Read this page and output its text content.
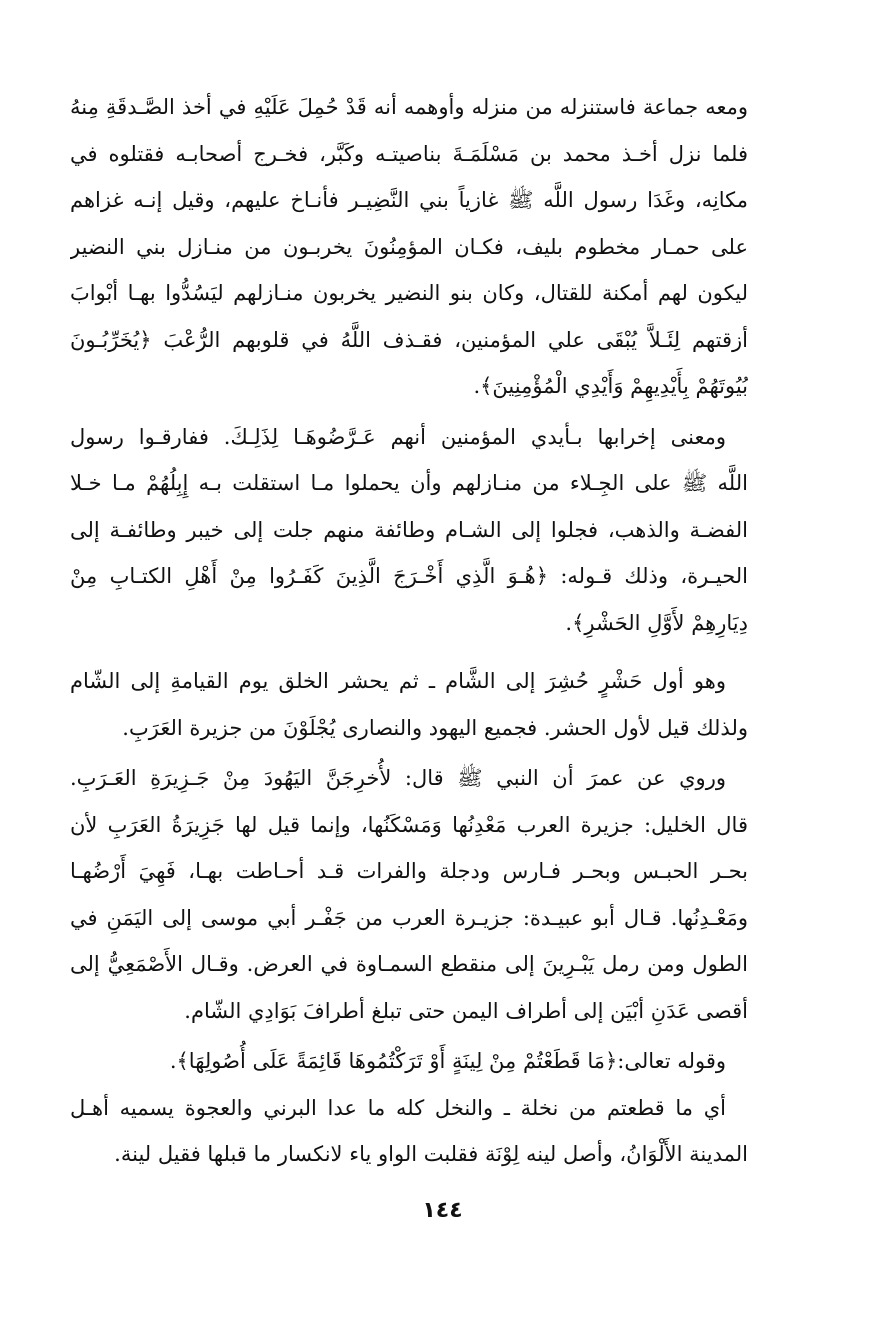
ومعه جماعة فاستنزله من منزله وأوهمه أنه قَدْ حُمِلَ عَلَيْهِ في أخذ الصَّـدقَةِ مِنهُ
فلما نزل أخـذ محمد بن مَسْلَمَـةَ بناصيتـه وكَبَّر، فخـرج أصحابـه فقتلوه في
مكانِه، وغَدَا رسول اللَّه ﷺ غازياً بني النَّضِيـر فأنـاخ عليهم، وقيل إنـه غزاهم
على حمـار مخطوم بليف، فكـان المؤمِنُونَ يخربـون من منـازل بني النضير
ليكون لهم أمكنة للقتال، وكان بنو النضير يخربون منـازلهم ليَسُدُّوا بهـا أبْوابَ
أزقتهم لِئَـلاَّ يُبْقَى علي المؤمنين، فقـذف اللَّهُ في قلوبهم الرُّعْبَ ﴿يُخَرِّبُـونَ
بُيُوتَهُمْ بِأَيْدِيهِمْ وَأَيْدِي الْمُؤْمِنِينَ﴾.

ومعنى إخرابها بـأيدي المؤمنين أنهم عَـرَّضُوهَـا لِذَلِـكَ. ففارقـوا رسول
اللَّه ﷺ على الجِـلاء من منـازلهم وأن يحملوا مـا استقلت بـه إِبِلُهُمْ مـا خـلا
الفضـة والذهب، فجلوا إلى الشـام وطائفة منهم جلت إلى خيبر وطائفـة إلى
الحيـرة، وذلك قـوله: ﴿هُـوَ الَّذِي أَخْـرَجَ الَّذِينَ كَفَـرُوا مِنْ أَهْلِ الكتـابِ مِنْ
دِيَارِهِمْ لأَوَّلِ الحَشْرِ﴾.

وهو أول حَشْرٍ حُشِرَ إلى الشَّام ـ ثم يحشر الخلق يوم القيامةِ إلى الشّام
ولذلك قيل لأول الحشر. فجميع اليهود والنصارى يُجْلَوْنَ من جزيرة العَرَبِ.

وروي عن عمرَ أن النبي ﷺ قال: لأُخرِجَنَّ اليَهُودَ مِنْ جَـزِيرَةِ العَـرَبِ.
قال الخليل: جزيرة العرب مَعْدِنُها وَمَسْكَنُها، وإنما قيل لها جَزِيرَةُ العَرَبِ لأن
بحـر الحبـس وبحـر فـارس ودجلة والفرات قـد أحـاطت بهـا، فَهِيَ أَرْضُهـا
ومَعْـدِنُها. قـال أبو عبيـدة: جزيـرة العرب من جَفْـر أبي موسى إلى اليَمَنِ في
الطول ومن رمل يَبْـرِينَ إلى منقطع السمـاوة في العرض. وقـال الأَصْمَعِيُّ إلى
أقصى عَدَنِ أبْيَن إلى أطراف اليمن حتى تبلغ أطرافَ بَوَادِي الشّام.

وقوله تعالى:﴿مَا قَطَعْتُمْ مِنْ لِينَةٍ أَوْ تَرَكْتُمُوهَا قَائِمَةً عَلَى أُصُولِهَا﴾.

أي ما قطعتم من نخلة ـ والنخل كله ما عدا البرني والعجوة يسميه أهـل
المدينة الأَلْوَانُ، وأصل لينه لِوْنَة فقلبت الواو ياء لانكسار ما قبلها فقيل لينة.

١٤٤
